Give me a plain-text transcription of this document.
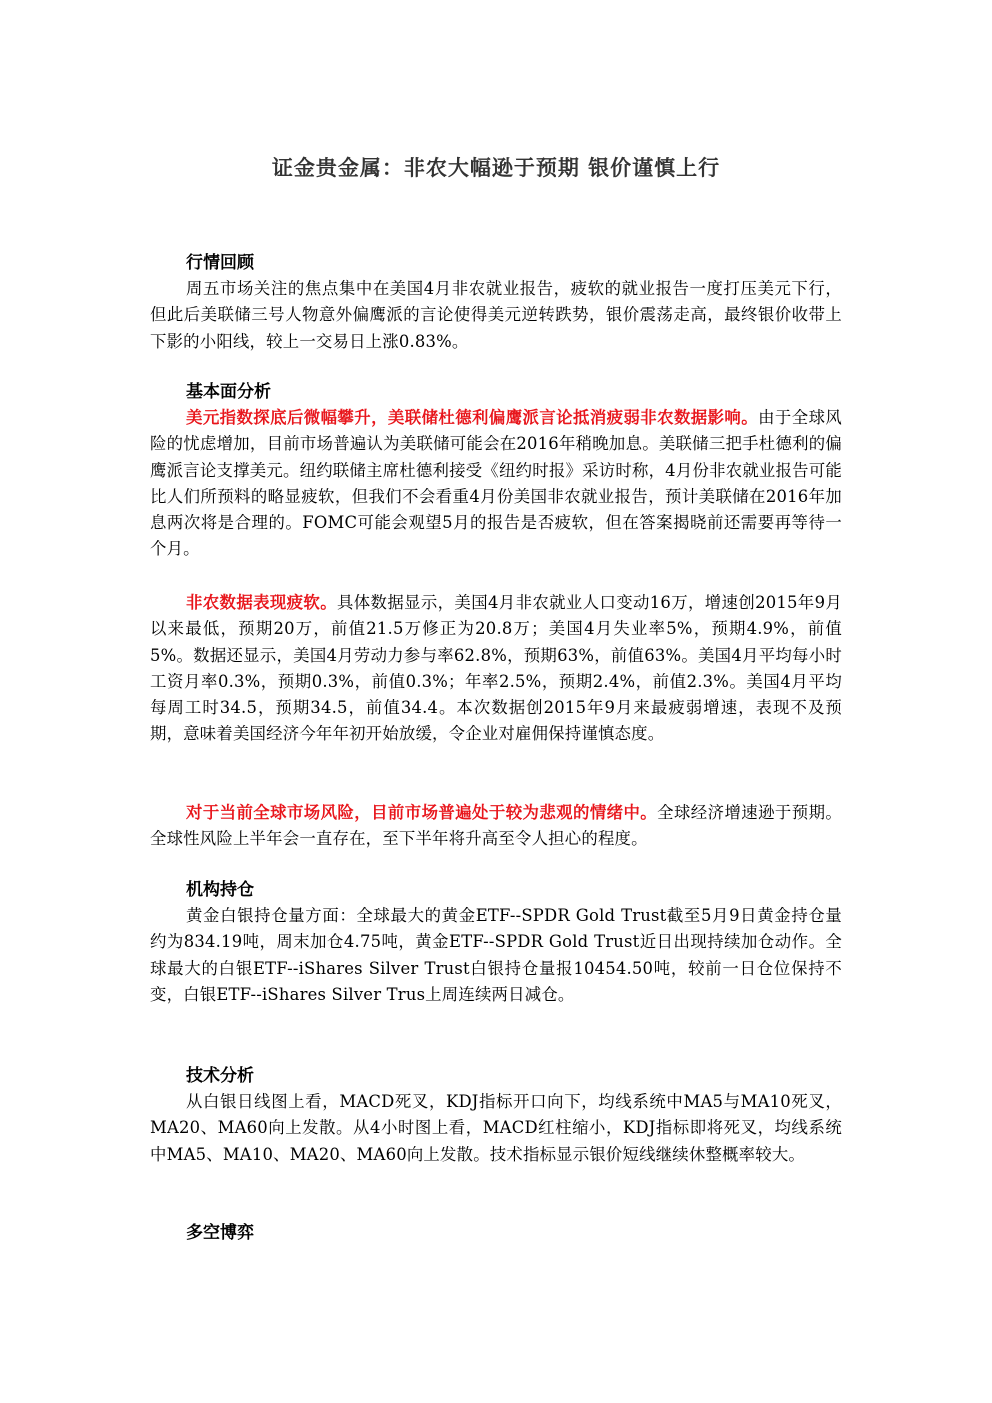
证金贵金属：非农大幅逊于预期 银价谨慎上行
行情回顾

周五市场关注的焦点集中在美国4月非农就业报告，疲软的就业报告一度打压美元下行，但此后美联储三号人物意外偏鹰派的言论使得美元逆转跌势，银价震荡走高，最终银价收带上下影的小阳线，较上一交易日上涨0.83%。

基本面分析

美元指数探底后微幅攀升，美联储杜德利偏鹰派言论抵消疲弱非农数据影响。由于全球风险的忧虑增加，目前市场普遍认为美联储可能会在2016年稍晚加息。美联储三把手杜德利的偏鹰派言论支撑美元。纽约联储主席杜德利接受《纽约时报》采访时称，4月份非农就业报告可能比人们所预料的略显疲软，但我们不会看重4月份美国非农就业报告，预计美联储在2016年加息两次将是合理的。FOMC可能会观望5月的报告是否疲软，但在答案揭晓前还需要再等待一个月。

非农数据表现疲软。具体数据显示，美国4月非农就业人口变动16万，增速创2015年9月以来最低，预期20万，前值21.5万修正为20.8万；美国4月失业率5%，预期4.9%，前值5%。数据还显示，美国4月劳动力参与率62.8%，预期63%，前值63%。美国4月平均每小时工资月率0.3%，预期0.3%，前值0.3%；年率2.5%，预期2.4%，前值2.3%。美国4月平均每周工时34.5，预期34.5，前值34.4。本次数据创2015年9月来最疲弱增速，表现不及预期，意味着美国经济今年年初开始放缓，令企业对雇佣保持谨慎态度。

对于当前全球市场风险，目前市场普遍处于较为悲观的情绪中。全球经济增速逊于预期。全球性风险上半年会一直存在，至下半年将升高至令人担心的程度。

机构持仓

黄金白银持仓量方面：全球最大的黄金ETF--SPDR Gold Trust截至5月9日黄金持仓量约为834.19吨，周末加仓4.75吨，黄金ETF--SPDR Gold Trust近日出现持续加仓动作。全球最大的白银ETF--iShares Silver Trust白银持仓量报10454.50吨，较前一日仓位保持不变，白银ETF--iShares Silver Trus上周连续两日减仓。

技术分析

从白银日线图上看，MACD死叉，KDJ指标开口向下，均线系统中MA5与MA10死叉，MA20、MA60向上发散。从4小时图上看，MACD红柱缩小，KDJ指标即将死叉，均线系统中MA5、MA10、MA20、MA60向上发散。技术指标显示银价短线继续休整概率较大。

多空博弈
